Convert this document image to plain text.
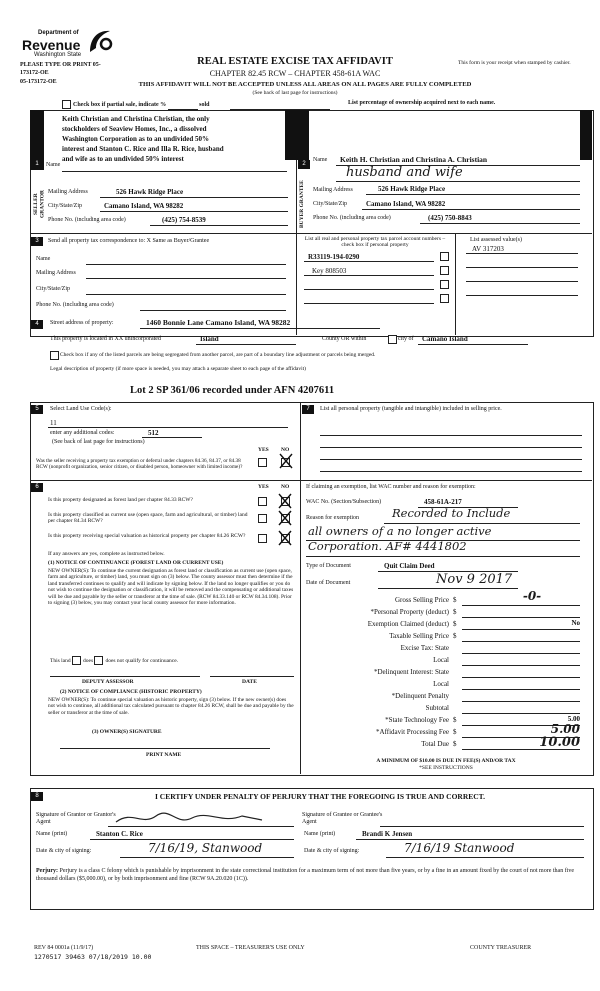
Department of
Revenue
Washington State
PLEASE TYPE OR PRINT 05-
173172-OE
05-173172-OE
REAL ESTATE EXCISE TAX AFFIDAVIT
CHAPTER 82.45 RCW – CHAPTER 458-61A WAC
This form is your receipt when stamped by cashier.
THIS AFFIDAVIT WILL NOT BE ACCEPTED UNLESS ALL AREAS ON ALL PAGES ARE FULLY COMPLETED
(See back of last page for instructions)
Check box if partial sale, indicate %	sold	List percentage of ownership acquired next to each name.
1
SELLER GRANTOR
Keith Christian and Christina Christian, the only
stockholders of Seaview Homes, Inc., a dissolved
Washington Corporation as to an undivided 50%
interest and Stanton C. Rice and Illa R. Rice, husband
and wife as to an undivided 50% interest
Name
Mailing Address	526 Hawk Ridge Place
City/State/Zip	Camano Island, WA 98282
Phone No. (including area code)	(425) 754-8539
2
BUYER GRANTEE
Name Keith H. Christian and Christina A. Christian
husband and wife
Mailing Address	526 Hawk Ridge Place
City/State/Zip	Camano Island, WA 98282
Phone No. (including area code)	(425) 750-8843
3	Send all property tax correspondence to: X Same as Buyer/Grantee
Name
Mailing Address
City/State/Zip
Phone No. (including area code)
List all real and personal property tax parcel account numbers – check box if personal property
List assessed value(s)
R33119-194-0290
AV 317203
Key 808503
4	Street address of property:	1460 Bonnie Lane Camano Island, WA 98282
This property is located in XX unincorporated	Island	County OR within	city of Camano Island
Check box if any of the listed parcels are being segregated from another parcel, are part of a boundary line adjustment or parcels being merged.
Legal description of property (if more space is needed, you may attach a separate sheet to each page of the affidavit)
Lot 2 SP 361/06 recorded under AFN 4207611
5	Select Land Use Code(s):
11
enter any additional codes:	512
(See back of last page for instructions)
YES NO
Was the seller receiving a property tax exemption or deferral under chapters 84.36, 84.37, or 84.38 RCW (nonprofit organization, senior citizen, or disabled person, homeowner with limited income)?
6	YES NO
Is this property designated as forest land per chapter 84.33 RCW?
Is this property classified as current use (open space, farm and agricultural, or timber) land per chapter 84.34 RCW?
Is this property receiving special valuation as historical property per chapter 84.26 RCW?
If any answers are yes, complete as instructed below.
(1) NOTICE OF CONTINUANCE (FOREST LAND OR CURRENT USE)
NEW OWNER(S): To continue the current designation as forest land or classification as current use (open space, farm and agriculture, or timber) land, you must sign on (3) below. The county assessor must then determine if the land transferred continues to qualify and will indicate by signing below. If the land no longer qualifies or you do not wish to continue the designation or classification, it will be removed and the compensating or additional taxes will be due and payable by the seller or transferor at the time of sale. (RCW 84.33.140 or RCW 84.34.108). Prior to signing (3) below, you may contact your local county assessor for more information.
This land does does not qualify for continuance.
DEPUTY ASSESSOR	DATE
(2) NOTICE OF COMPLIANCE (HISTORIC PROPERTY)
NEW OWNER(S): To continue special valuation as historic property, sign (3) below. If the new owner(s) does not wish to continue, all additional tax calculated pursuant to chapter 84.26 RCW, shall be due and payable by the seller or transferor at the time of sale.
(3) OWNER(S) SIGNATURE
PRINT NAME
7	List all personal property (tangible and intangible) included in selling price.
If claiming an exemption, list WAC number and reason for exemption:
WAC No. (Section/Subsection)	458-61A-217
Reason for exemption	Recorded to Include
all owners of a no longer active
Corporation. AF# 4441802
Type of Document	Quit Claim Deed
Date of Document	Nov 9 2017
Gross Selling Price $	-0-
*Personal Property (deduct) $
Exemption Claimed (deduct) $	No
Taxable Selling Price $
Excise Tax: State
Local
*Delinquent Interest: State
Local
*Delinquent Penalty
Subtotal
*State Technology Fee $	5.00
*Affidavit Processing Fee $	5.00
Total Due $	10.00
A MINIMUM OF $10.00 IS DUE IN FEE(S) AND/OR TAX
*SEE INSTRUCTIONS
8	I CERTIFY UNDER PENALTY OF PERJURY THAT THE FOREGOING IS TRUE AND CORRECT.
Signature of Grantor or Grantor's Agent
Name (print)	Stanton C. Rice
Date & city of signing:	7/16/19, Stanwood
Signature of Grantee or Grantee's Agent
Name (print)	Brandi K Jensen
Date & city of signing:	7/16/19 Stanwood
Perjury: Perjury is a class C felony which is punishable by imprisonment in the state correctional institution for a maximum term of not more than five years, or by a fine in an amount fixed by the court of not more than five thousand dollars ($5,000.00), or by both imprisonment and fine (RCW 9A.20.020 (1C)).
REV 84 0001a (11/9/17)
1270517 39463 07/18/2019 10.00
THIS SPACE – TREASURER'S USE ONLY	COUNTY TREASURER
